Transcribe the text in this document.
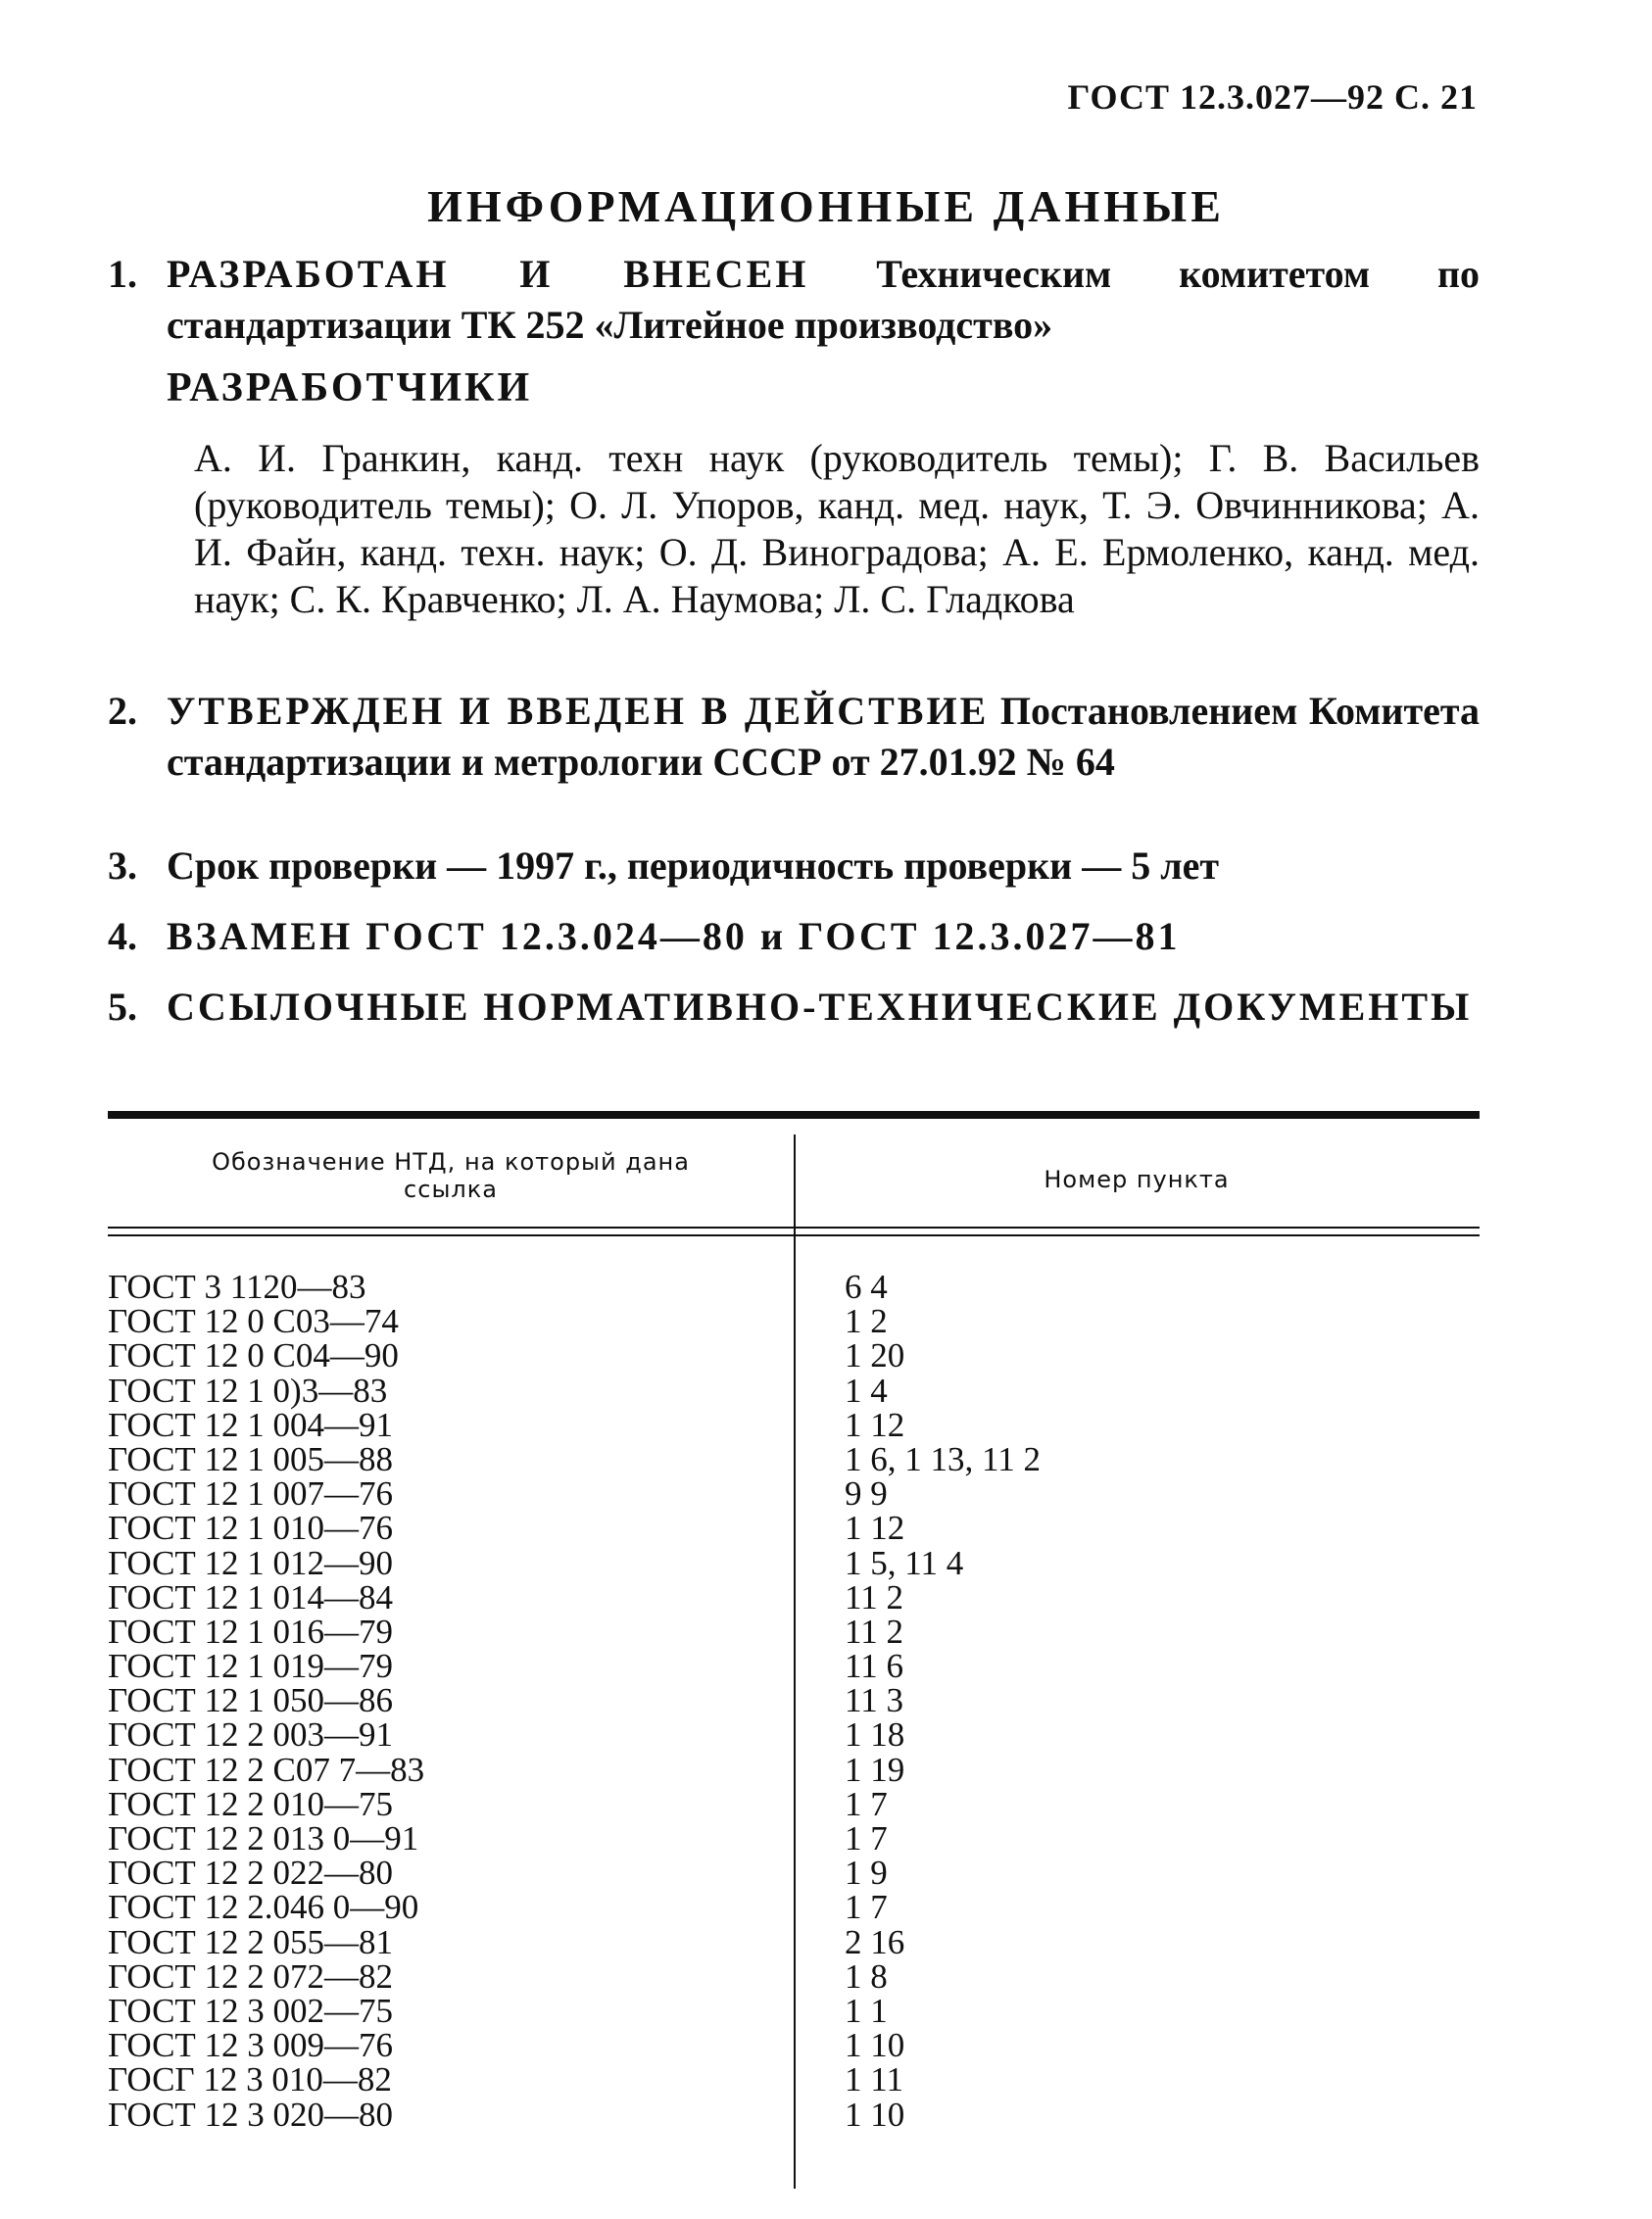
ГОСТ 12.3.027—92 С. 21
ИНФОРМАЦИОННЫЕ ДАННЫЕ
1. РАЗРАБОТАН И ВНЕСЕН Техническим комитетом по стандартизации ТК 252 «Литейное производство»
РАЗРАБОТЧИКИ
А. И. Гранкин, канд. техн наук (руководитель темы); Г. В. Васильев (руководитель темы); О. Л. Упоров, канд. мед. наук, Т. Э. Овчинникова; А. И. Файн, канд. техн. наук; О. Д. Виноградова; А. Е. Ермоленко, канд. мед. наук; С. К. Кравченко; Л. А. Наумова; Л. С. Гладкова
2. УТВЕРЖДЕН И ВВЕДЕН В ДЕЙСТВИЕ Постановлением Комитета стандартизации и метрологии СССР от 27.01.92 № 64
3. Срок проверки — 1997 г., периодичность проверки — 5 лет
4. ВЗАМЕН ГОСТ 12.3.024—80 и ГОСТ 12.3.027—81
5. ССЫЛОЧНЫЕ НОРМАТИВНО-ТЕХНИЧЕСКИЕ ДОКУМЕНТЫ
Обозначение НТД, на который дана ссылка	Номер пункта
ГОСТ 3 1120—83	6 4
ГОСТ 12 0 С03—74	1 2
ГОСТ 12 0 С04—90	1 20
ГОСТ 12 1 0)3—83	1 4
ГОСТ 12 1 004—91	1 12
ГОСТ 12 1 005—88	1 6, 1 13, 11 2
ГОСТ 12 1 007—76	9 9
ГОСТ 12 1 010—76	1 12
ГОСТ 12 1 012—90	1 5, 11 4
ГОСТ 12 1 014—84	11 2
ГОСТ 12 1 016—79	11 2
ГОСТ 12 1 019—79	11 6
ГОСТ 12 1 050—86	11 3
ГОСТ 12 2 003—91	1 18
ГОСТ 12 2 С07 7—83	1 19
ГОСТ 12 2 010—75	1 7
ГОСТ 12 2 013 0—91	1 7
ГОСТ 12 2 022—80	1 9
ГОСТ 12 2.046 0—90	1 7
ГОСТ 12 2 055—81	2 16
ГОСТ 12 2 072—82	1 8
ГОСТ 12 3 002—75	1 1
ГОСТ 12 3 009—76	1 10
ГОСГ 12 3 010—82	1 11
ГОСТ 12 3 020—80	1 10
